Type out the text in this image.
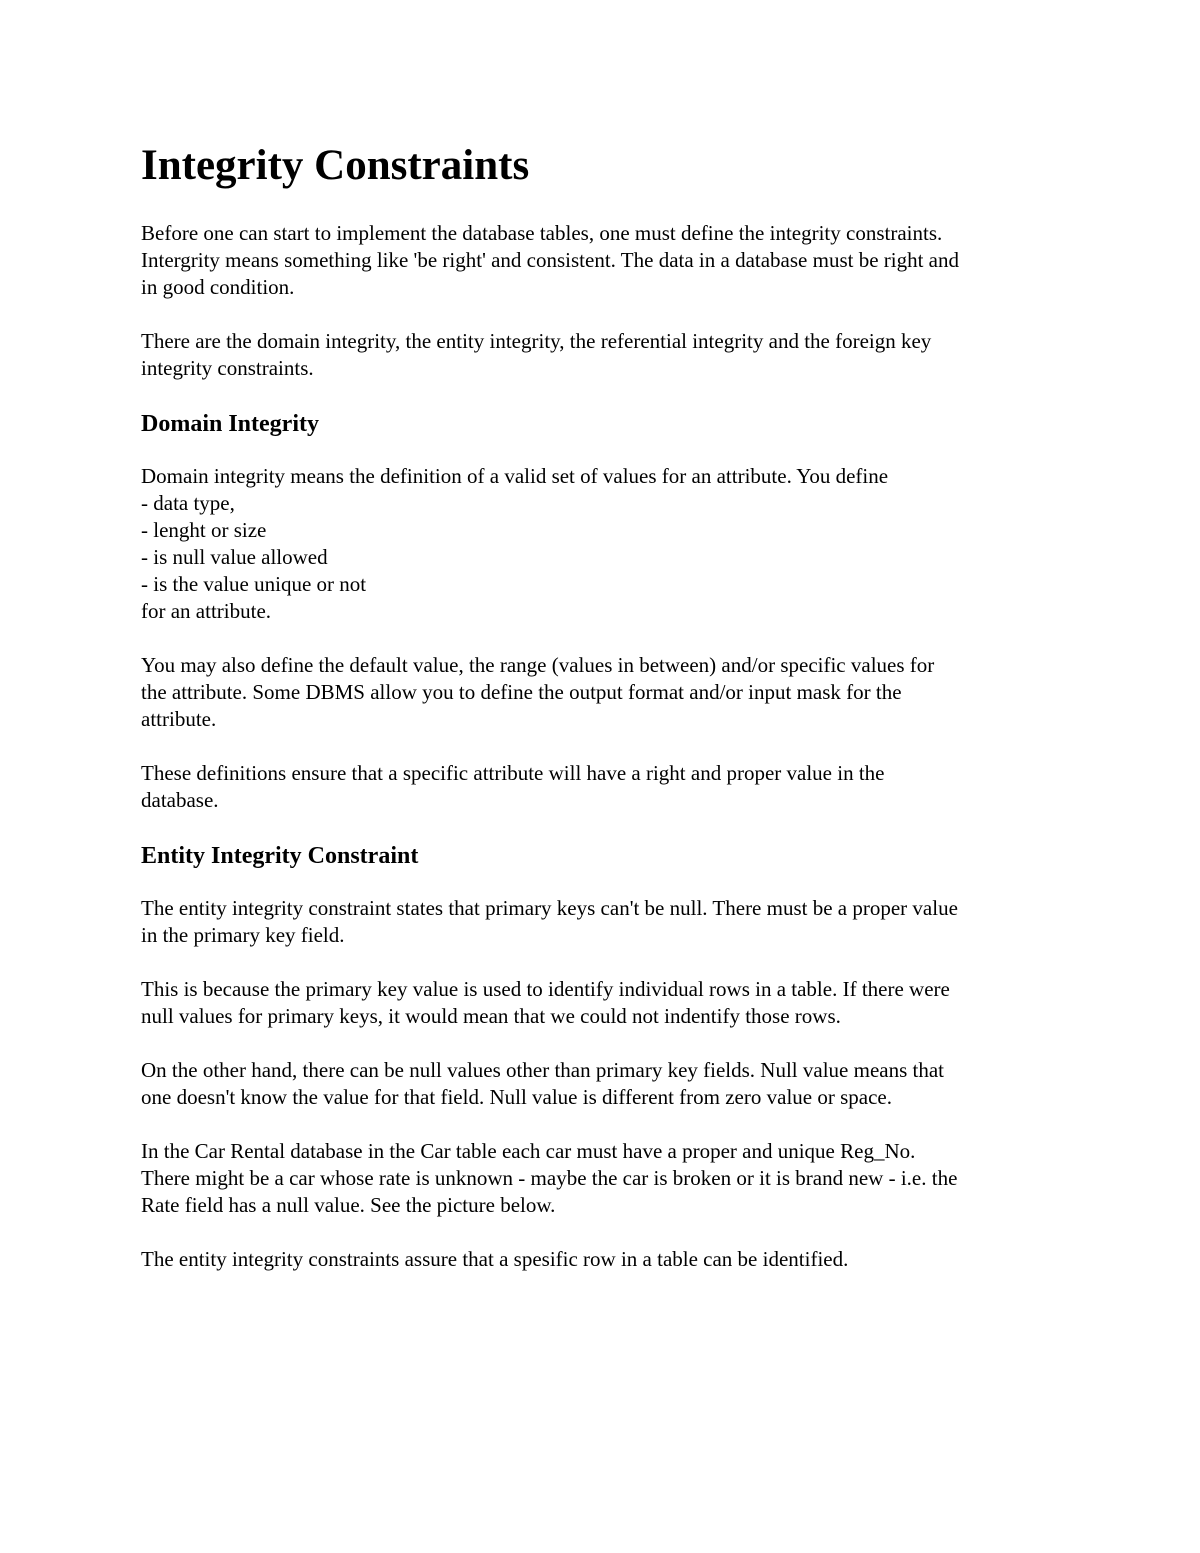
Integrity Constraints

Before one can start to implement the database tables, one must define the integrity constraints.
Intergrity means something like 'be right' and consistent. The data in a database must be right and
in good condition.

There are the domain integrity, the entity integrity, the referential integrity and the foreign key
integrity constraints.

Domain Integrity

Domain integrity means the definition of a valid set of values for an attribute. You define
- data type,
- lenght or size
- is null value allowed
- is the value unique or not
for an attribute.

You may also define the default value, the range (values in between) and/or specific values for
the attribute. Some DBMS allow you to define the output format and/or input mask for the
attribute.

These definitions ensure that a specific attribute will have a right and proper value in the
database.

Entity Integrity Constraint

The entity integrity constraint states that primary keys can't be null. There must be a proper value
in the primary key field.

This is because the primary key value is used to identify individual rows in a table. If there were
null values for primary keys, it would mean that we could not indentify those rows.

On the other hand, there can be null values other than primary key fields. Null value means that
one doesn't know the value for that field. Null value is different from zero value or space.

In the Car Rental database in the Car table each car must have a proper and unique Reg_No.
There might be a car whose rate is unknown - maybe the car is broken or it is brand new - i.e. the
Rate field has a null value. See the picture below.

The entity integrity constraints assure that a spesific row in a table can be identified.
